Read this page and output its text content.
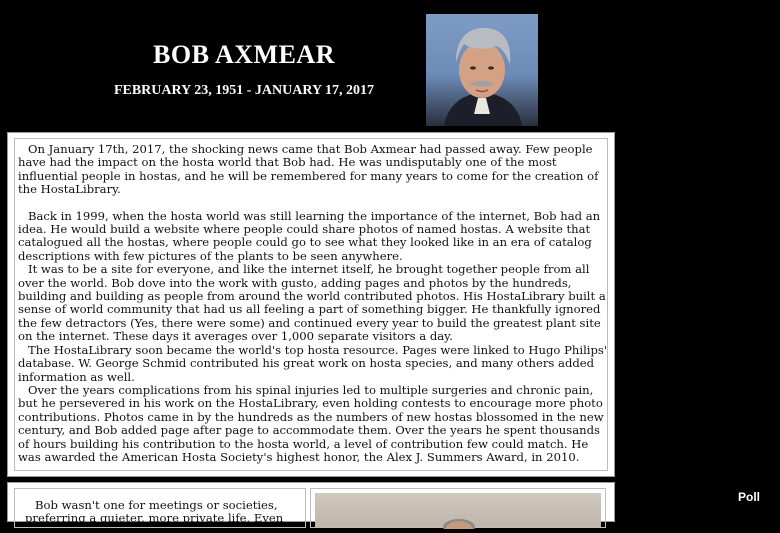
BOB AXMEAR
FEBRUARY 23, 1951 - JANUARY 17, 2017

On January 17th, 2017, the shocking news came that Bob Axmear had passed away. Few people have had the impact on the hosta world that Bob had. He was undisputably one of the most influential people in hostas, and he will be remembered for many years to come for the creation of the HostaLibrary.

Back in 1999, when the hosta world was still learning the importance of the internet, Bob had an idea. He would build a website where people could share photos of named hostas. A website that catalogued all the hostas, where people could go to see what they looked like in an era of catalog descriptions with few pictures of the plants to be seen anywhere.

It was to be a site for everyone, and like the internet itself, he brought together people from all over the world. Bob dove into the work with gusto, adding pages and photos by the hundreds, building and building as people from around the world contributed photos. His HostaLibrary built a sense of world community that had us all feeling a part of something bigger. He thankfully ignored the few detractors (Yes, there were some) and continued every year to build the greatest plant site on the internet. These days it averages over 1,000 separate visitors a day.

The HostaLibrary soon became the world's top hosta resource. Pages were linked to Hugo Philips' database. W. George Schmid contributed his great work on hosta species, and many others added information as well.

Over the years complications from his spinal injuries led to multiple surgeries and chronic pain, but he persevered in his work on the HostaLibrary, even holding contests to encourage more photo contributions. Photos came in by the hundreds as the numbers of new hostas blossomed in the new century, and Bob added page after page to accommodate them. Over the years he spent thousands of hours building his contribution to the hosta world, a level of contribution few could match. He was awarded the American Hosta Society's highest honor, the Alex J. Summers Award, in 2010.

Bob wasn't one for meetings or societies, preferring a quieter, more private life. Even
Poll
